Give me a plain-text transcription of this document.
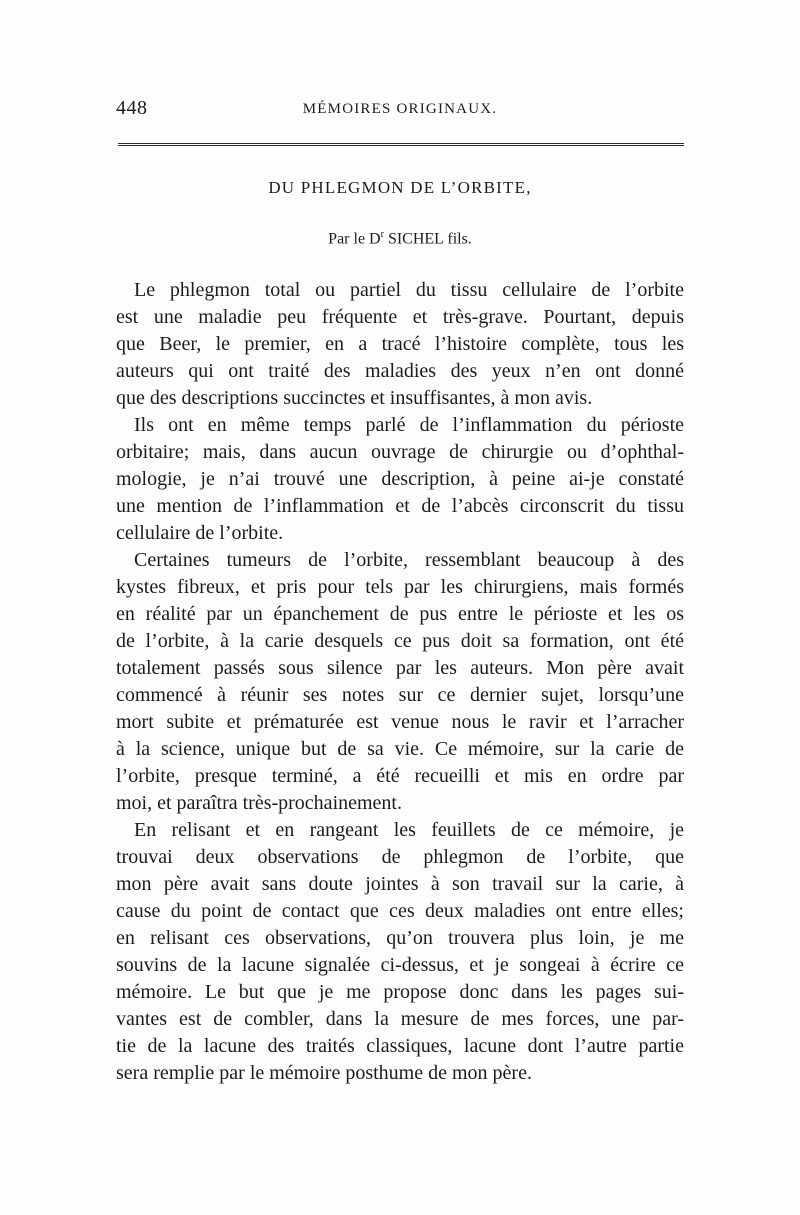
448	MÉMOIRES ORIGINAUX.
DU PHLEGMON DE L’ORBITE,
Par le $D^r$ SICHEL fils.
Le phlegmon total ou partiel du tissu cellulaire de l’orbite
est une maladie peu fréquente et très-grave. Pourtant, depuis
que Beer, le premier, en a tracé l’histoire complète, tous les
auteurs qui ont traité des maladies des yeux n’en ont donné
que des descriptions succinctes et insuffisantes, à mon avis.
Ils ont en même temps parlé de l’inflammation du périoste
orbitaire; mais, dans aucun ouvrage de chirurgie ou d’ophthal-
mologie, je n’ai trouvé une description, à peine ai-je constaté
une mention de l’inflammation et de l’abcès circonscrit du tissu
cellulaire de l’orbite.
Certaines tumeurs de l’orbite, ressemblant beaucoup à des
kystes fibreux, et pris pour tels par les chirurgiens, mais formés
en réalité par un épanchement de pus entre le périoste et les os
de l’orbite, à la carie desquels ce pus doit sa formation, ont été
totalement passés sous silence par les auteurs. Mon père avait
commencé à réunir ses notes sur ce dernier sujet, lorsqu’une
mort subite et prématurée est venue nous le ravir et l’arracher
à la science, unique but de sa vie. Ce mémoire, sur la carie de
l’orbite, presque terminé, a été recueilli et mis en ordre par
moi, et paraîtra très-prochainement.
En relisant et en rangeant les feuillets de ce mémoire, je
trouvai deux observations de phlegmon de l’orbite, que
mon père avait sans doute jointes à son travail sur la carie, à
cause du point de contact que ces deux maladies ont entre elles;
en relisant ces observations, qu’on trouvera plus loin, je me
souvins de la lacune signalée ci-dessus, et je songeai à écrire ce
mémoire. Le but que je me propose donc dans les pages sui-
vantes est de combler, dans la mesure de mes forces, une par-
tie de la lacune des traités classiques, lacune dont l’autre partie
sera remplie par le mémoire posthume de mon père.
